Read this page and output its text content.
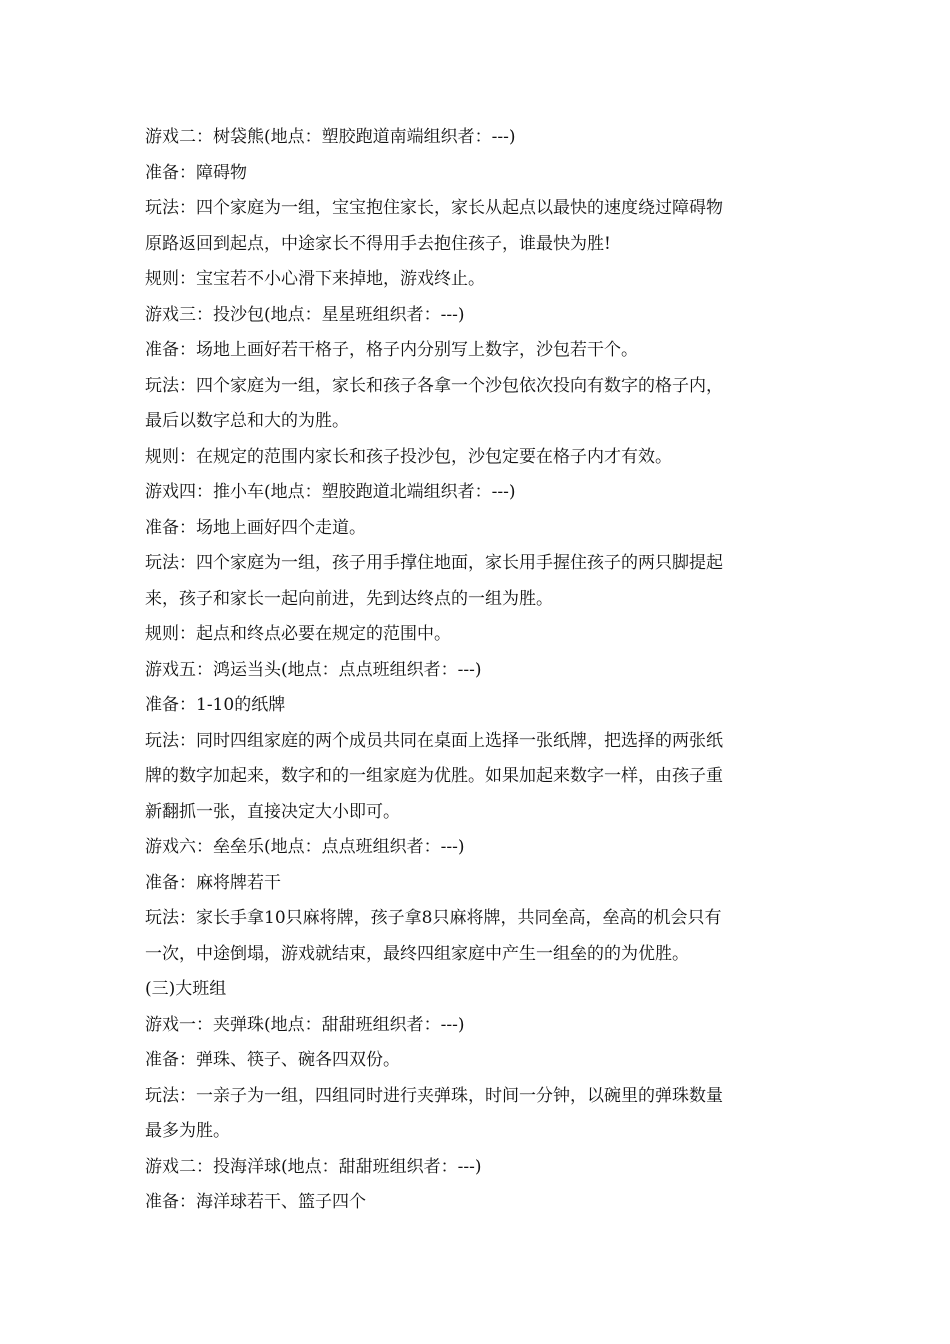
游戏二：树袋熊(地点：塑胶跑道南端组织者：---)
准备：障碍物
玩法：四个家庭为一组，宝宝抱住家长，家长从起点以最快的速度绕过障碍物
原路返回到起点，中途家长不得用手去抱住孩子，谁最快为胜!
规则：宝宝若不小心滑下来掉地，游戏终止。
游戏三：投沙包(地点：星星班组织者：---)
准备：场地上画好若干格子，格子内分别写上数字，沙包若干个。
玩法：四个家庭为一组，家长和孩子各拿一个沙包依次投向有数字的格子内，
最后以数字总和大的为胜。
规则：在规定的范围内家长和孩子投沙包，沙包定要在格子内才有效。
游戏四：推小车(地点：塑胶跑道北端组织者：---)
准备：场地上画好四个走道。
玩法：四个家庭为一组，孩子用手撑住地面，家长用手握住孩子的两只脚提起
来，孩子和家长一起向前进，先到达终点的一组为胜。
规则：起点和终点必要在规定的范围中。
游戏五：鸿运当头(地点：点点班组织者：---)
准备：1-10的纸牌
玩法：同时四组家庭的两个成员共同在桌面上选择一张纸牌，把选择的两张纸
牌的数字加起来，数字和的一组家庭为优胜。如果加起来数字一样，由孩子重
新翻抓一张，直接决定大小即可。
游戏六：垒垒乐(地点：点点班组织者：---)
准备：麻将牌若干
玩法：家长手拿10只麻将牌，孩子拿8只麻将牌，共同垒高，垒高的机会只有
一次，中途倒塌，游戏就结束，最终四组家庭中产生一组垒的的为优胜。
(三)大班组
游戏一：夹弹珠(地点：甜甜班组织者：---)
准备：弹珠、筷子、碗各四双份。
玩法：一亲子为一组，四组同时进行夹弹珠，时间一分钟，以碗里的弹珠数量
最多为胜。
游戏二：投海洋球(地点：甜甜班组织者：---)
准备：海洋球若干、篮子四个
